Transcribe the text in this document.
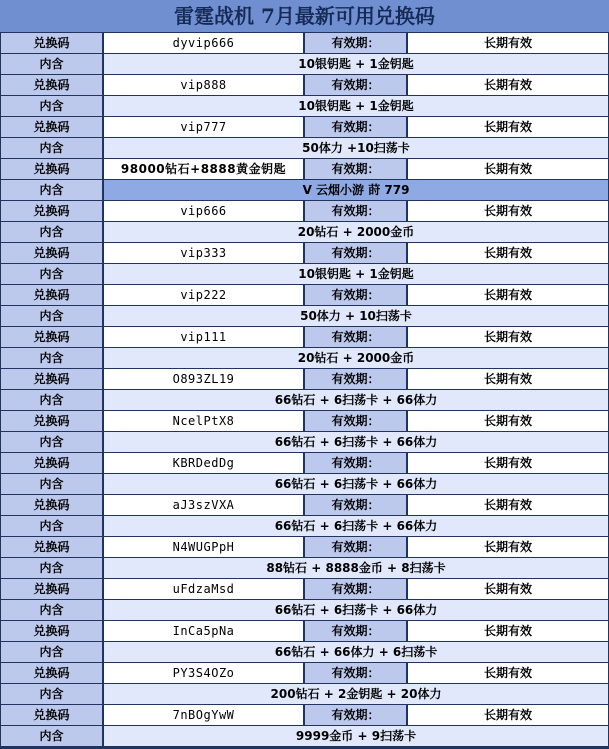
雷霆战机 7月最新可用兑换码
兑换码	dyvip666	有效期：	长期有效
内含	10银钥匙 + 1金钥匙
兑换码	vip888	有效期：	长期有效
内含	10银钥匙 + 1金钥匙
兑换码	vip777	有效期：	长期有效
内含	50体力 +10扫荡卡
兑换码	98000钻石+8888黄金钥匙	有效期：	长期有效
内含	V 云烟小游 莳 779
兑换码	vip666	有效期：	长期有效
内含	20钻石 + 2000金币
兑换码	vip333	有效期：	长期有效
内含	10银钥匙 + 1金钥匙
兑换码	vip222	有效期：	长期有效
内含	50体力 + 10扫荡卡
兑换码	vip111	有效期：	长期有效
内含	20钻石 + 2000金币
兑换码	O893ZL19	有效期：	长期有效
内含	66钻石 + 6扫荡卡 + 66体力
兑换码	NcelPtX8	有效期：	长期有效
内含	66钻石 + 6扫荡卡 + 66体力
兑换码	KBRDedDg	有效期：	长期有效
内含	66钻石 + 6扫荡卡 + 66体力
兑换码	aJ3szVXA	有效期：	长期有效
内含	66钻石 + 6扫荡卡 + 66体力
兑换码	N4WUGPpH	有效期：	长期有效
内含	88钻石 + 8888金币 + 8扫荡卡
兑换码	uFdzaMsd	有效期：	长期有效
内含	66钻石 + 6扫荡卡 + 66体力
兑换码	InCa5pNa	有效期：	长期有效
内含	66钻石 + 66体力 + 6扫荡卡
兑换码	PY3S4OZo	有效期：	长期有效
内含	200钻石 + 2金钥匙 + 20体力
兑换码	7nBOgYwW	有效期：	长期有效
内含	9999金币 + 9扫荡卡
